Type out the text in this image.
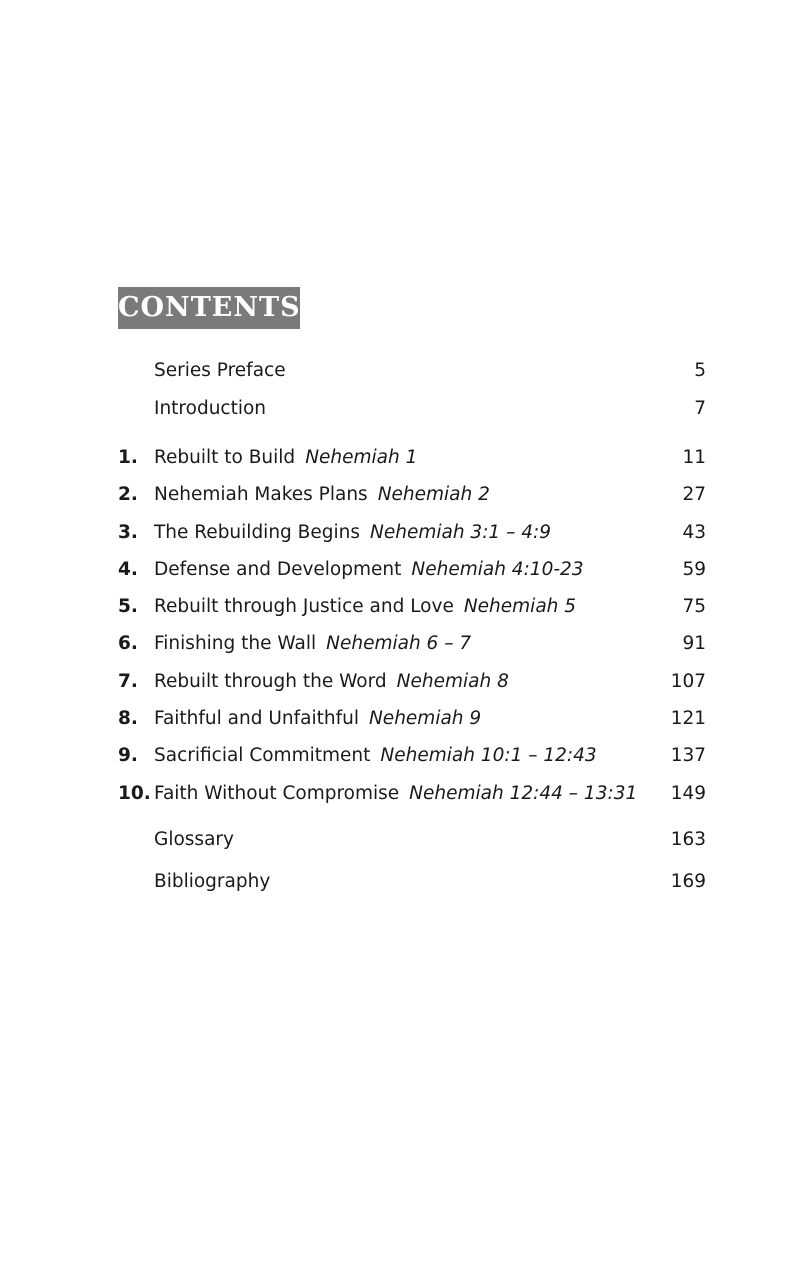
CONTENTS
Series Preface	5
Introduction	7
1. Rebuilt to Build Nehemiah 1	11
2. Nehemiah Makes Plans Nehemiah 2	27
3. The Rebuilding Begins Nehemiah 3:1 – 4:9	43
4. Defense and Development Nehemiah 4:10-23	59
5. Rebuilt through Justice and Love Nehemiah 5	75
6. Finishing the Wall Nehemiah 6 – 7	91
7. Rebuilt through the Word Nehemiah 8	107
8. Faithful and Unfaithful Nehemiah 9	121
9. Sacrificial Commitment Nehemiah 10:1 – 12:43	137
10. Faith Without Compromise Nehemiah 12:44 – 13:31 149
Glossary	163
Bibliography	169
